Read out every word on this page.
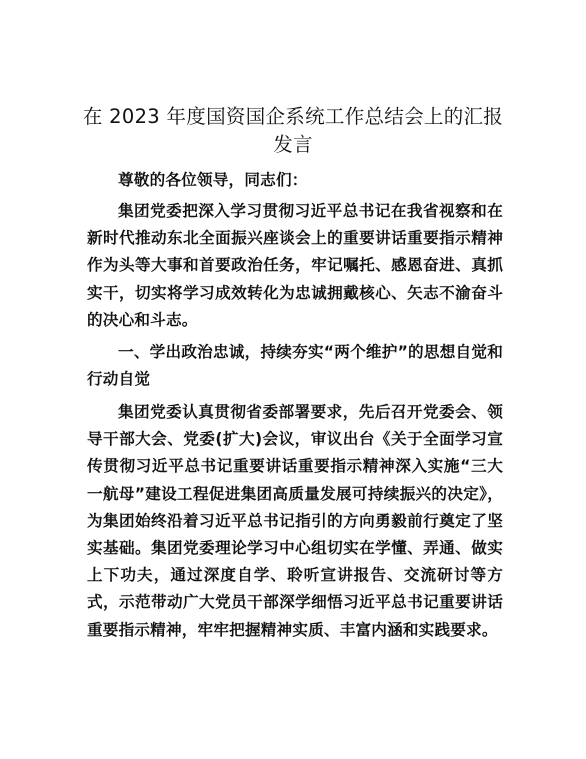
在 2023 年度国资国企系统工作总结会上的汇报发言

尊敬的各位领导，同志们：

集团党委把深入学习贯彻习近平总书记在我省视察和在新时代推动东北全面振兴座谈会上的重要讲话重要指示精神作为头等大事和首要政治任务，牢记嘱托、感恩奋进、真抓实干，切实将学习成效转化为忠诚拥戴核心、矢志不渝奋斗的决心和斗志。

一、学出政治忠诚，持续夯实“两个维护”的思想自觉和行动自觉

集团党委认真贯彻省委部署要求，先后召开党委会、领导干部大会、党委(扩大)会议，审议出台《关于全面学习宣传贯彻习近平总书记重要讲话重要指示精神深入实施“三大一航母”建设工程促进集团高质量发展可持续振兴的决定》，为集团始终沿着习近平总书记指引的方向勇毅前行奠定了坚实基础。集团党委理论学习中心组切实在学懂、弄通、做实上下功夫，通过深度自学、聆听宣讲报告、交流研讨等方式，示范带动广大党员干部深学细悟习近平总书记重要讲话重要指示精神，牢牢把握精神实质、丰富内涵和实践要求。
